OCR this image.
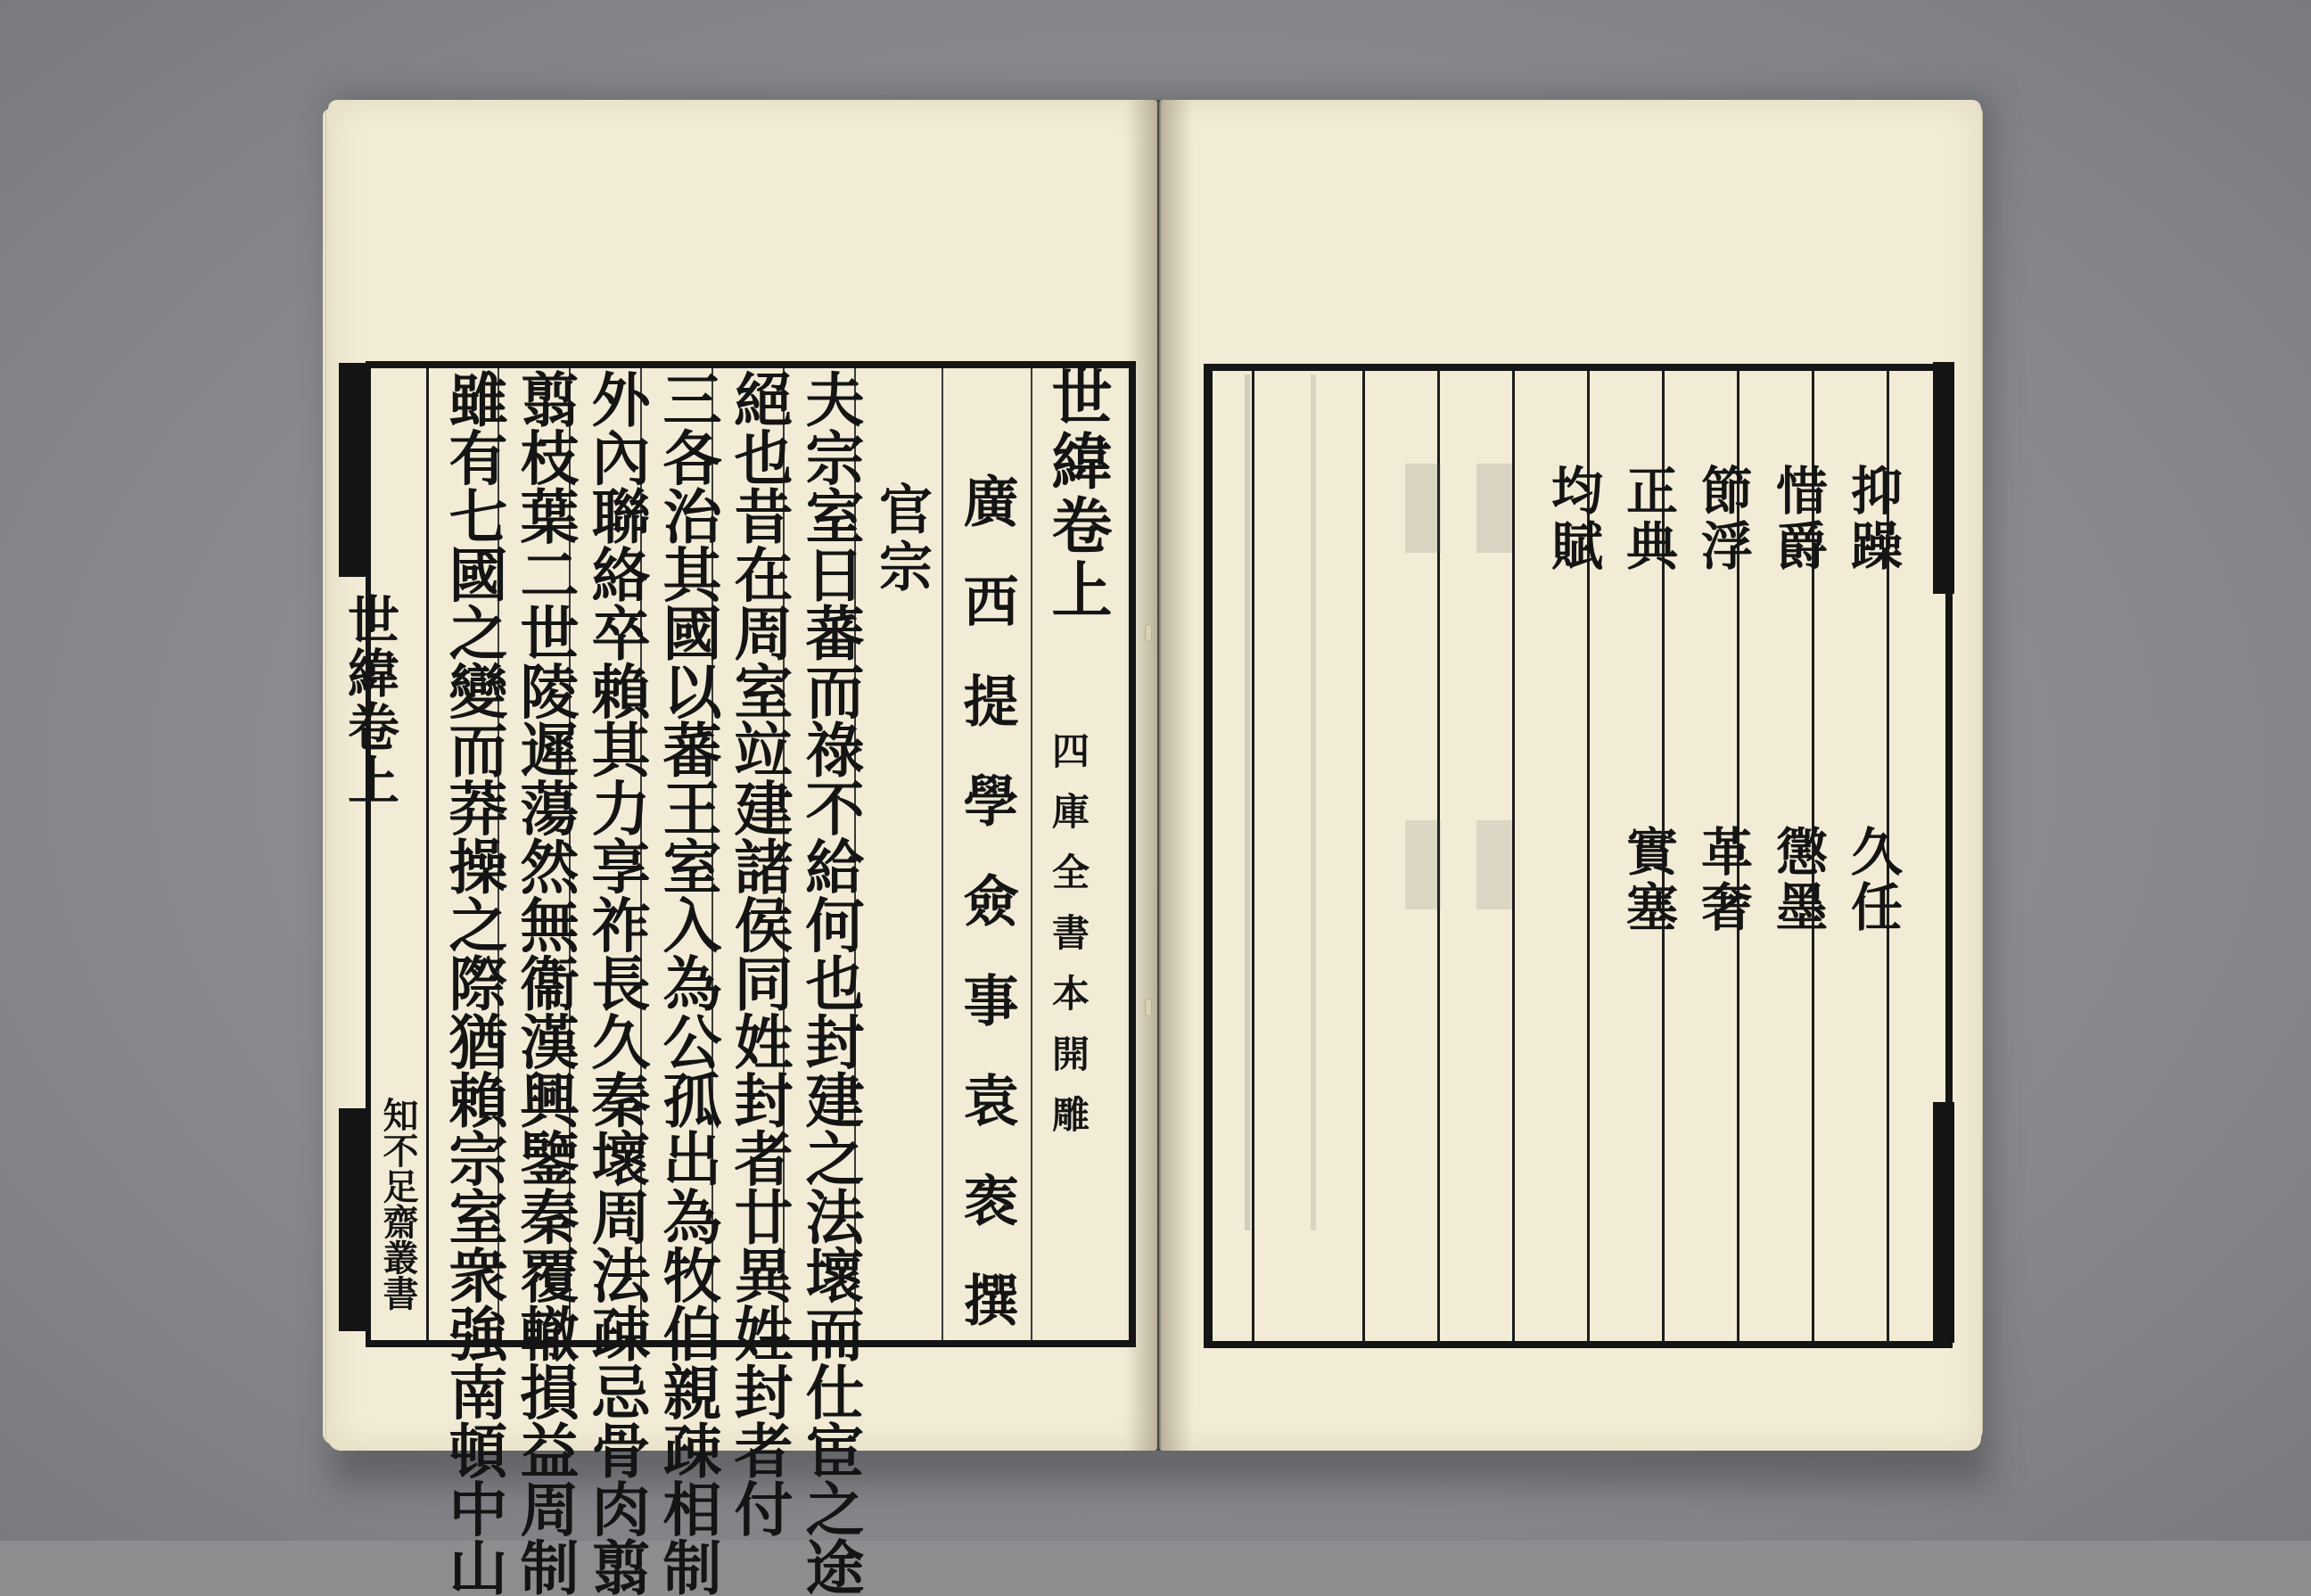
世緯卷上
知不足齋叢書
世緯卷上
四庫全書本開雕
廣西提學僉事袁袠撰
官宗
夫宗室日蕃而祿不給何也封建之法壞而仕宦之途
絕也昔在周室竝建諸侯同姓封者廿異姓封者付
三各治其國以蕃王室入為公孤出為牧伯親疎相制
外內聯絡卒賴其力享祚長久秦壞周法疎忌骨肉翦
翦枝葉二世陵遲蕩然無衞漢興鑒秦覆轍損益周制
雖有七國之變而莽操之際猶賴宗室衆強南頓中山	抑躁
久任
惜爵
懲墨
節浮
革奢
正典
實塞
均賦
